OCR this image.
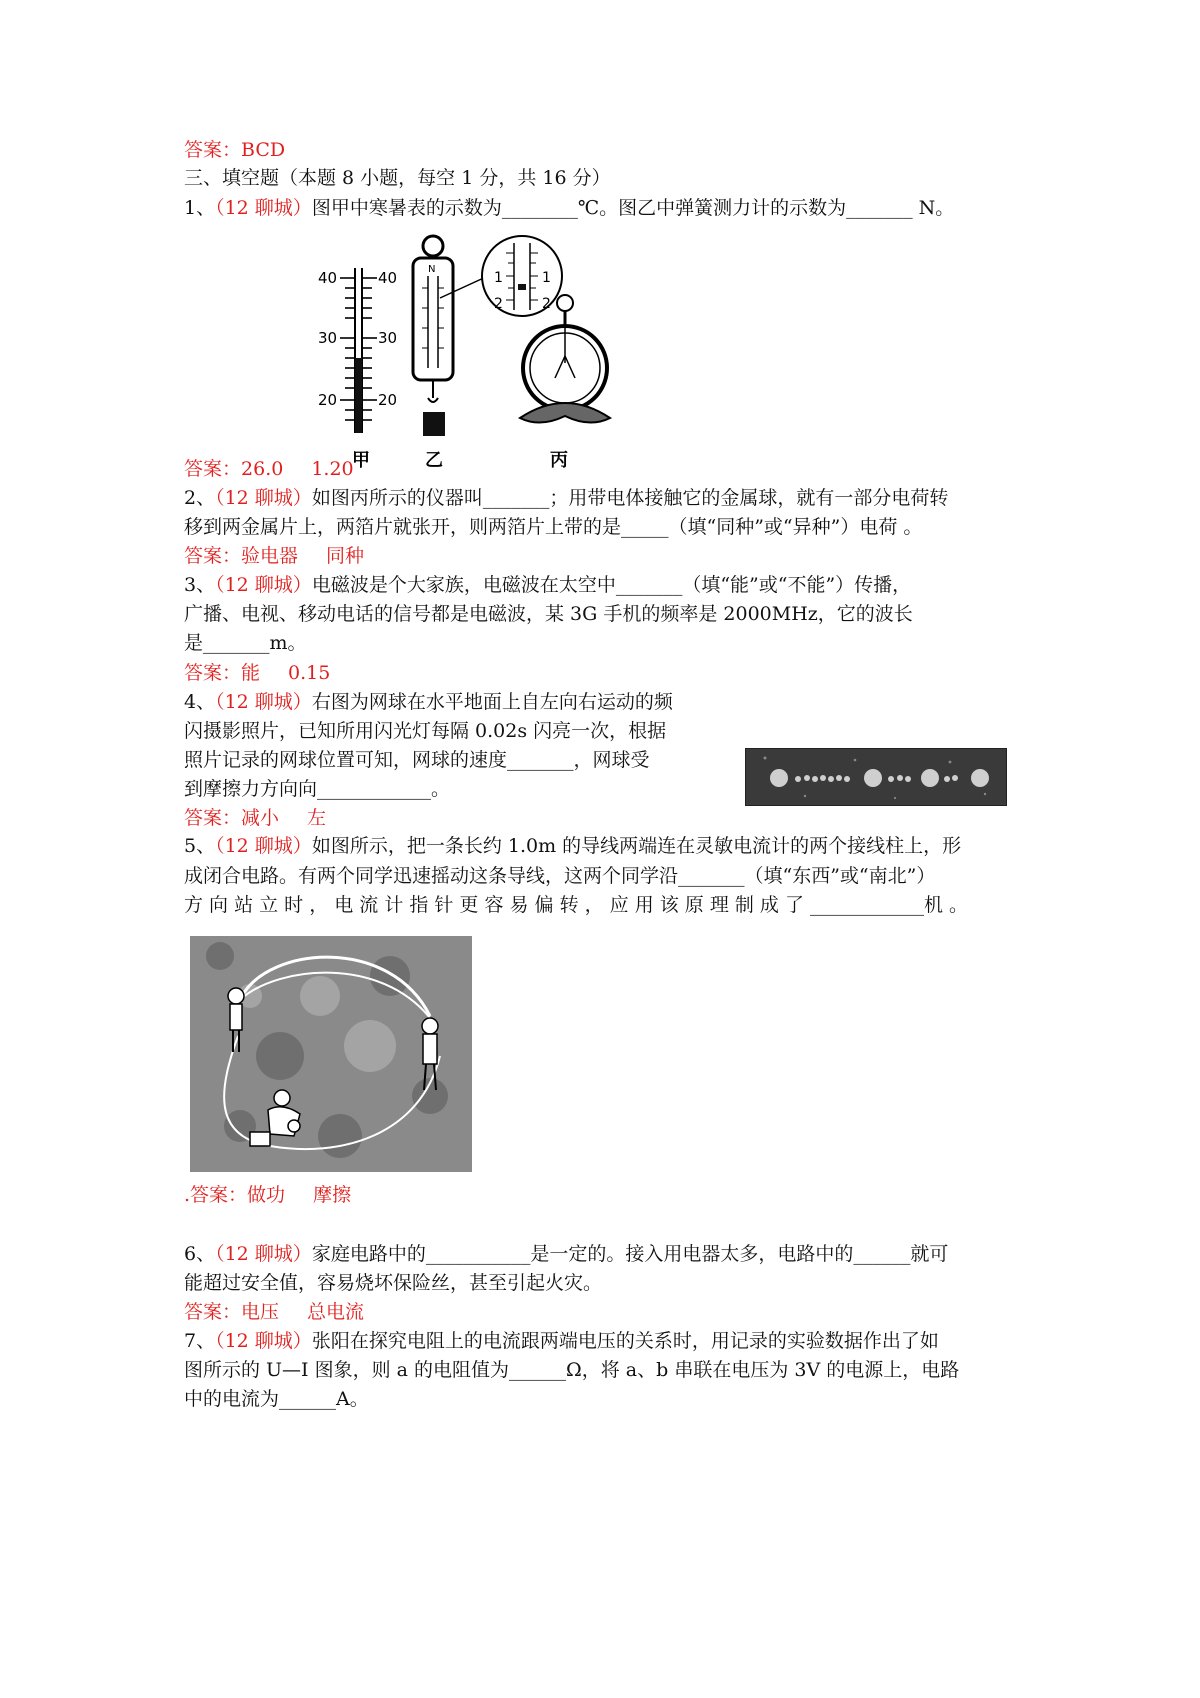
答案：BCD
三、填空题（本题 8 小题，每空 1 分，共 16 分）
1、（12 聊城）图甲中寒暑表的示数为________℃。图乙中弹簧测力计的示数为_______ N。
40	40
30	30
20	20
甲
N
1	1
2	2
乙	丙
答案：26.0 1.20
2、（12 聊城）如图丙所示的仪器叫_______；用带电体接触它的金属球，就有一部分电荷转
移到两金属片上，两箔片就张开，则两箔片上带的是_____（填“同种”或“异种”）电荷 。
答案：验电器 同种
3、（12 聊城）电磁波是个大家族，电磁波在太空中_______（填“能”或“不能”）传播，
广播、电视、移动电话的信号都是电磁波，某 3G 手机的频率是 2000MHz，它的波长
是_______m。
答案：能 0.15
4、（12 聊城）右图为网球在水平地面上自左向右运动的频
闪摄影照片，已知所用闪光灯每隔 0.02s 闪亮一次，根据
照片记录的网球位置可知，网球的速度_______，网球受
到摩擦力方向向____________。
答案：减小 左
5、（12 聊城）如图所示，把一条长约 1.0m 的导线两端连在灵敏电流计的两个接线柱上，形
成闭合电路。有两个同学迅速摇动这条导线，这两个同学沿_______（填“东西”或“南北”）
方 向 站 立 时 ， 电 流 计 指 针 更 容 易 偏 转 ， 应 用 该 原 理 制 成 了 ____________机 。
.答案：做功 摩擦
6、（12 聊城）家庭电路中的___________是一定的。接入用电器太多，电路中的______就可
能超过安全值，容易烧坏保险丝，甚至引起火灾。
答案：电压 总电流
7、（12 聊城）张阳在探究电阻上的电流跟两端电压的关系时，用记录的实验数据作出了如
图所示的 U—I 图象，则 a 的电阻值为______Ω，将 a、b 串联在电压为 3V 的电源上，电路
中的电流为______A。
